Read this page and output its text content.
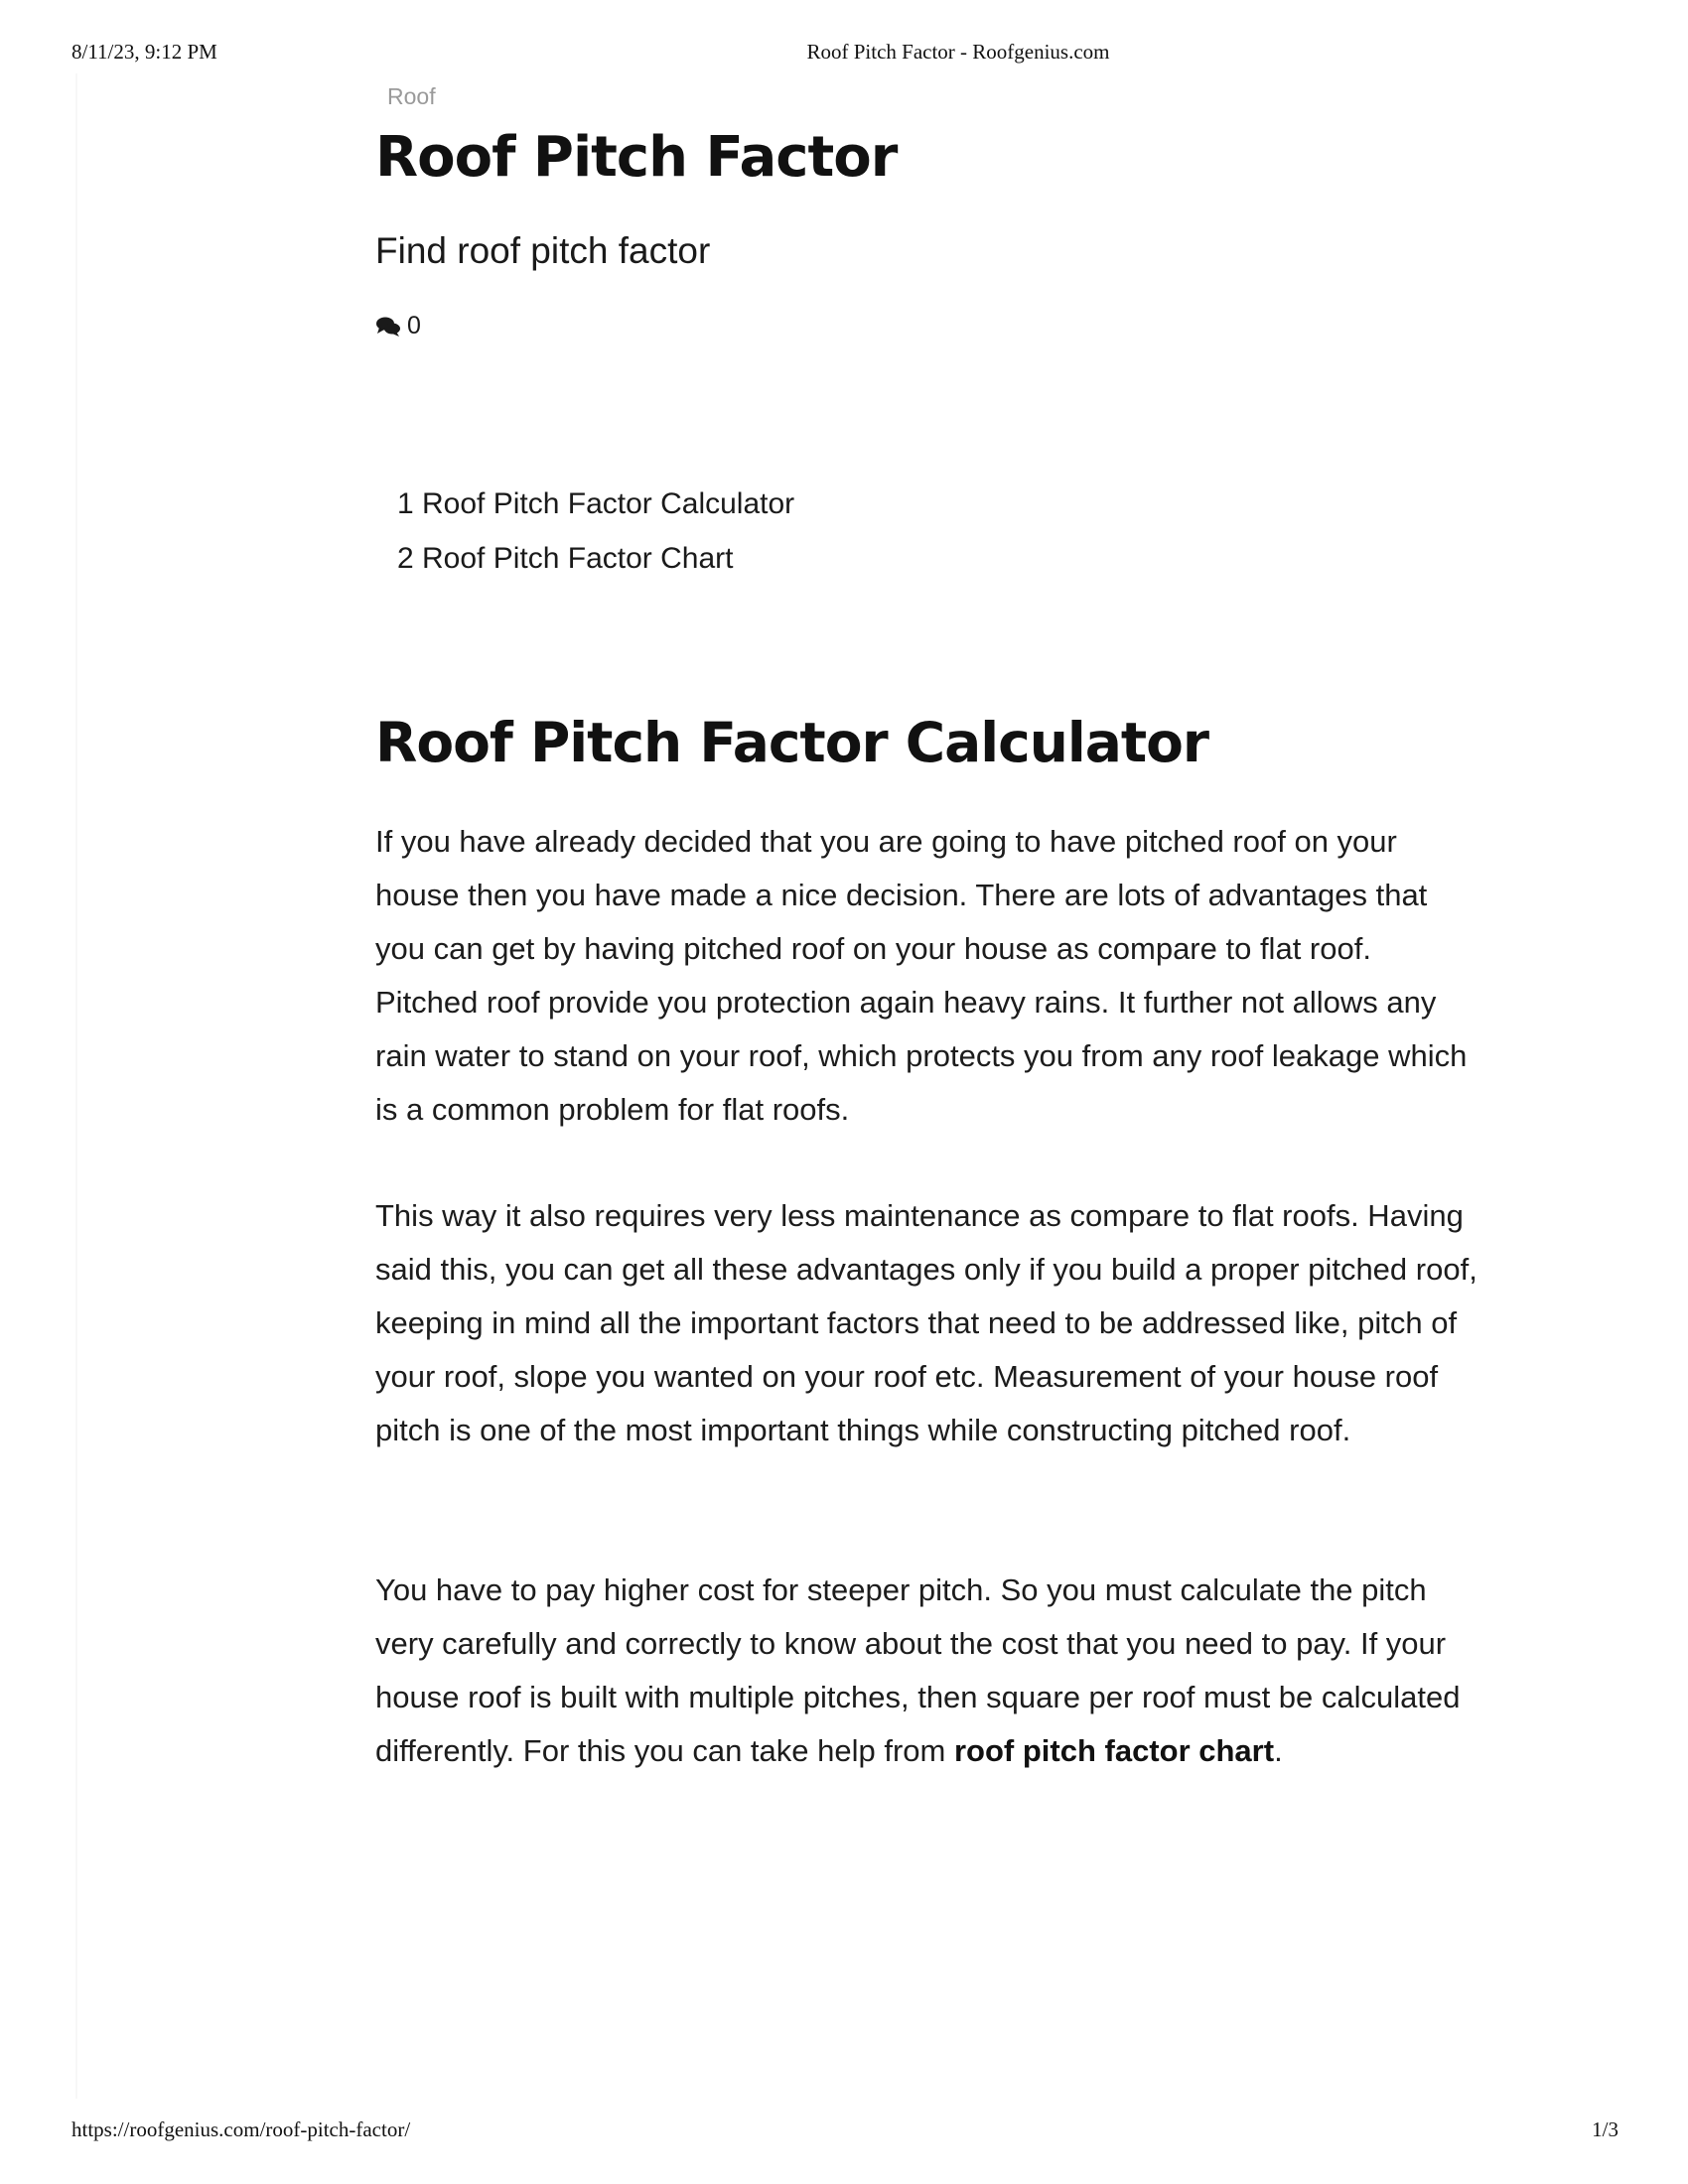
8/11/23, 9:12 PM	Roof Pitch Factor - Roofgenius.com
Roof
Roof Pitch Factor

Find roof pitch factor

0
1 Roof Pitch Factor Calculator
2 Roof Pitch Factor Chart
Roof Pitch Factor Calculator

If you have already decided that you are going to have pitched roof on your house then you have made a nice decision. There are lots of advantages that you can get by having pitched roof on your house as compare to flat roof. Pitched roof provide you protection again heavy rains. It further not allows any rain water to stand on your roof, which protects you from any roof leakage which is a common problem for flat roofs.

This way it also requires very less maintenance as compare to flat roofs. Having said this, you can get all these advantages only if you build a proper pitched roof, keeping in mind all the important factors that need to be addressed like, pitch of your roof, slope you wanted on your roof etc. Measurement of your house roof pitch is one of the most important things while constructing pitched roof.

You have to pay higher cost for steeper pitch. So you must calculate the pitch very carefully and correctly to know about the cost that you need to pay. If your house roof is built with multiple pitches, then square per roof must be calculated differently. For this you can take help from roof pitch factor chart.

https://roofgenius.com/roof-pitch-factor/	1/3
